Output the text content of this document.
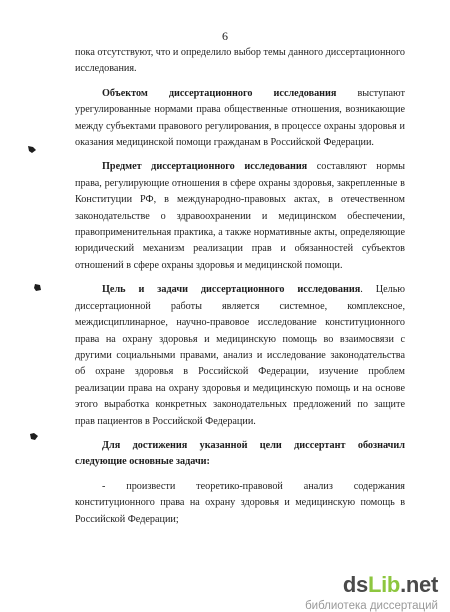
6

пока отсутствуют, что и определило выбор темы данного диссертационного исследования.

Объектом диссертационного исследования выступают урегулированные нормами права общественные отношения, возникающие между субъектами правового регулирования, в процессе охраны здоровья и оказания медицинской помощи гражданам в Российской Федерации.

Предмет диссертационного исследования составляют нормы права, регулирующие отношения в сфере охраны здоровья, закрепленные в Конституции РФ, в международно-правовых актах, в отечественном законодательстве о здравоохранении и медицинском обеспечении, правоприменительная практика, а также нормативные акты, определяющие юридический механизм реализации прав и обязанностей субъектов отношений в сфере охраны здоровья и медицинской помощи.

Цель и задачи диссертационного исследования. Целью диссертационной работы является системное, комплексное, междисциплинарное, научно-правовое исследование конституционного права на охрану здоровья и медицинскую помощь во взаимосвязи с другими социальными правами, анализ и исследование законодательства об охране здоровья в Российской Федерации, изучение проблем реализации права на охрану здоровья и медицинскую помощь и на основе этого выработка конкретных законодательных предложений по защите прав пациентов в Российской Федерации.

Для достижения указанной цели диссертант обозначил следующие основные задачи:

- произвести теоретико-правовой анализ содержания конституционного права на охрану здоровья и медицинскую помощь в Российской Федерации;

dsLib.net
библиотека диссертаций
